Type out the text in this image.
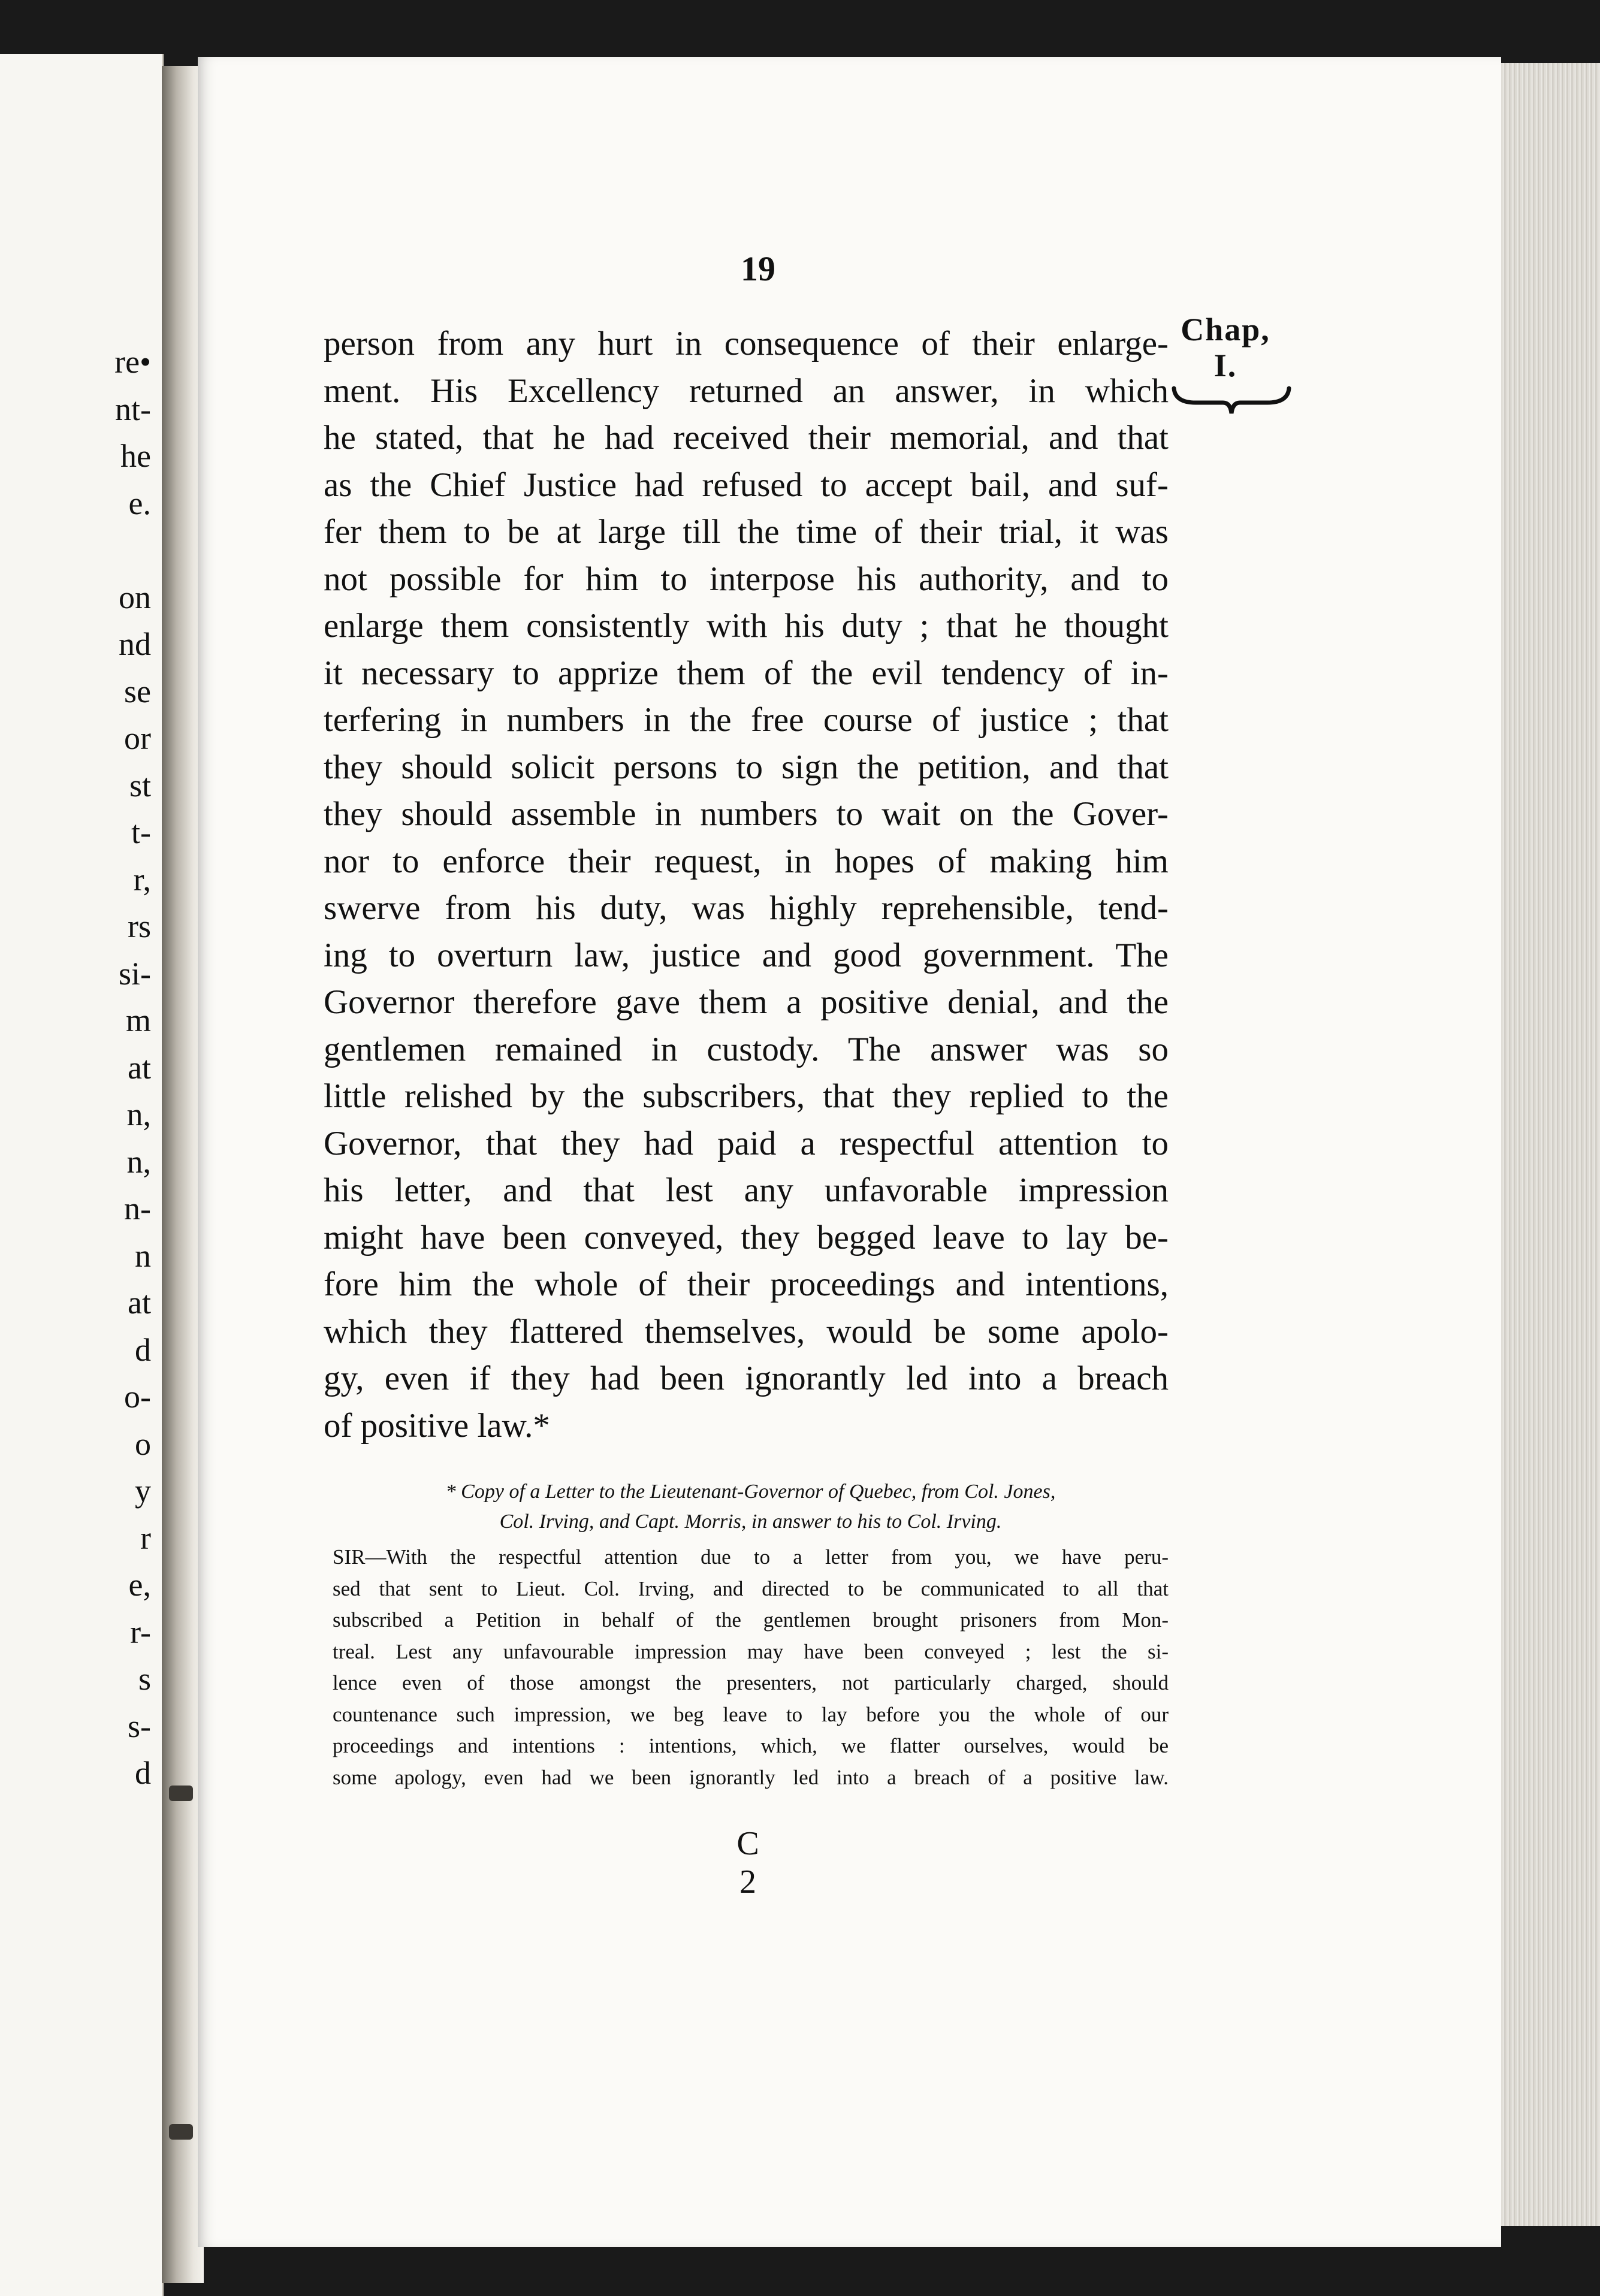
re•
nt-
he
e.
on
nd
se
or
st
t-
r,
rs
si-
m
at
n,
n,
n-
n
at
d
o-
o
y
r
e,
r-
s
s-
d
19
Chap,
I.
person from any hurt in consequence of their enlarge-
ment. His Excellency returned an answer, in which
he stated, that he had received their memorial, and that
as the Chief Justice had refused to accept bail, and suf-
fer them to be at large till the time of their trial, it was
not possible for him to interpose his authority, and to
enlarge them consistently with his duty ; that he thought
it necessary to apprize them of the evil tendency of in-
terfering in numbers in the free course of justice ; that
they should solicit persons to sign the petition, and that
they should assemble in numbers to wait on the Gover-
nor to enforce their request, in hopes of making him
swerve from his duty, was highly reprehensible, tend-
ing to overturn law, justice and good government. The
Governor therefore gave them a positive denial, and the
gentlemen remained in custody. The answer was so
little relished by the subscribers, that they replied to the
Governor, that they had paid a respectful attention to
his letter, and that lest any unfavorable impression
might have been conveyed, they begged leave to lay be-
fore him the whole of their proceedings and intentions,
which they flattered themselves, would be some apolo-
gy, even if they had been ignorantly led into a breach
of positive law.*
* Copy of a Letter to the Lieutenant-Governor of Quebec, from Col. Jones,
Col. Irving, and Capt. Morris, in answer to his to Col. Irving.
SIR—With the respectful attention due to a letter from you, we have peru-
sed that sent to Lieut. Col. Irving, and directed to be communicated to all that
subscribed a Petition in behalf of the gentlemen brought prisoners from Mon-
treal. Lest any unfavourable impression may have been conveyed ; lest the si-
lence even of those amongst the presenters, not particularly charged, should
countenance such impression, we beg leave to lay before you the whole of our
proceedings and intentions : intentions, which, we flatter ourselves, would be
some apology, even had we been ignorantly led into a breach of a positive law.
C 2
